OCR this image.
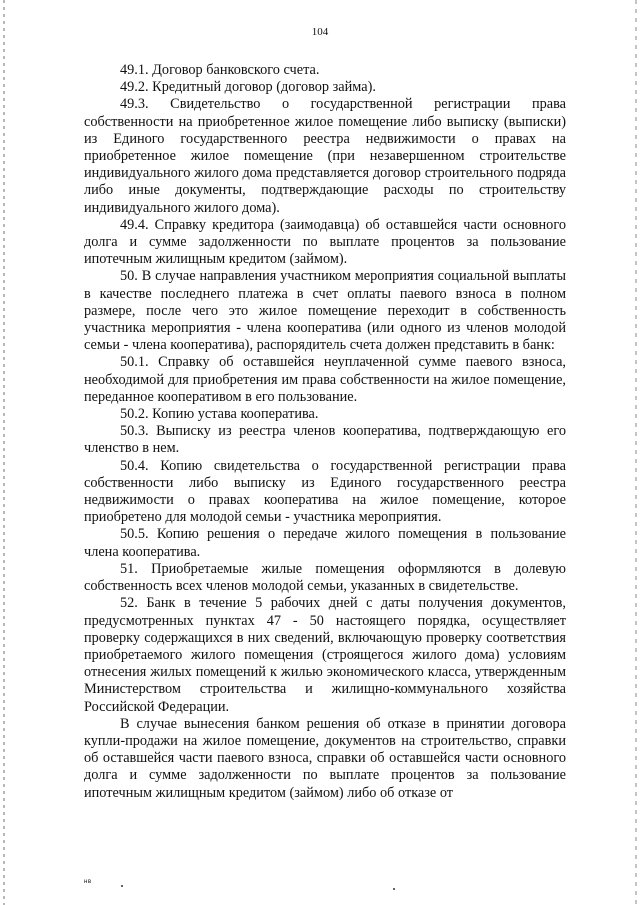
104

49.1. Договор банковского счета.

49.2. Кредитный договор (договор займа).

49.3. Свидетельство о государственной регистрации права собственности на приобретенное жилое помещение либо выписку (выписки) из Единого государственного реестра недвижимости о правах на приобретенное жилое помещение (при незавершенном строительстве индивидуального жилого дома представляется договор строительного подряда либо иные документы, подтверждающие расходы по строительству индивидуального жилого дома).

49.4. Справку кредитора (заимодавца) об оставшейся части основного долга и сумме задолженности по выплате процентов за пользование ипотечным жилищным кредитом (займом).

50. В случае направления участником мероприятия социальной выплаты в качестве последнего платежа в счет оплаты паевого взноса в полном размере, после чего это жилое помещение переходит в собственность участника мероприятия - члена кооператива (или одного из членов молодой семьи - члена кооператива), распорядитель счета должен представить в банк:

50.1. Справку об оставшейся неуплаченной сумме паевого взноса, необходимой для приобретения им права собственности на жилое помещение, переданное кооперативом в его пользование.

50.2. Копию устава кооператива.

50.3. Выписку из реестра членов кооператива, подтверждающую его членство в нем.

50.4. Копию свидетельства о государственной регистрации права собственности либо выписку из Единого государственного реестра недвижимости о правах кооператива на жилое помещение, которое приобретено для молодой семьи - участника мероприятия.

50.5. Копию решения о передаче жилого помещения в пользование члена кооператива.

51. Приобретаемые жилые помещения оформляются в долевую собственность всех членов молодой семьи, указанных в свидетельстве.

52. Банк в течение 5 рабочих дней с даты получения документов, предусмотренных пунктах 47 - 50 настоящего порядка, осуществляет проверку содержащихся в них сведений, включающую проверку соответствия приобретаемого жилого помещения (строящегося жилого дома) условиям отнесения жилых помещений к жилью экономического класса, утвержденным Министерством строительства и жилищно-коммунального хозяйства Российской Федерации.

В случае вынесения банком решения об отказе в принятии договора купли-продажи на жилое помещение, документов на строительство, справки об оставшейся части паевого взноса, справки об оставшейся части основного долга и сумме задолженности по выплате процентов за пользование ипотечным жилищным кредитом (займом) либо об отказе от

нв
